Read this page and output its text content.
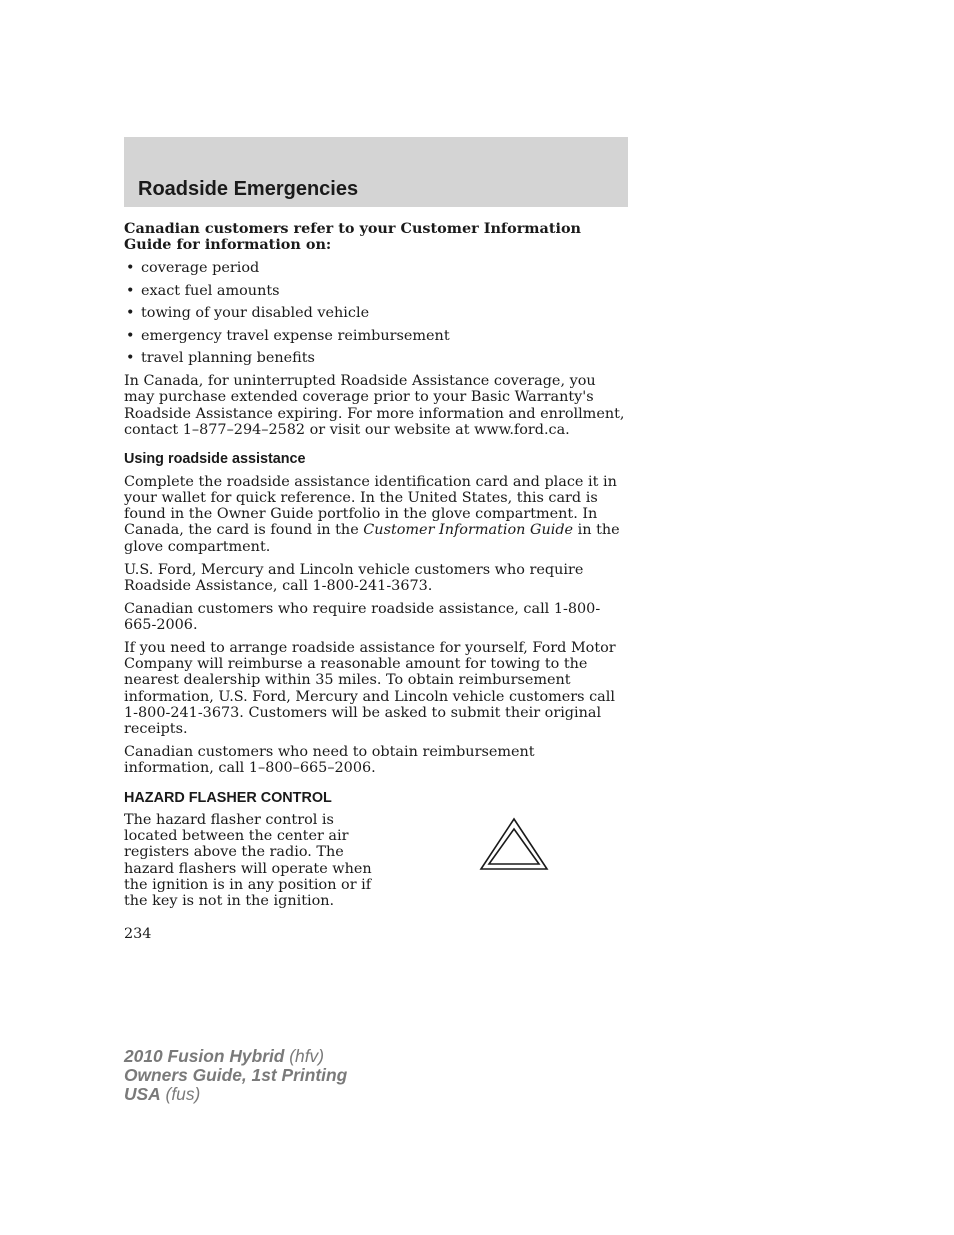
Roadside Emergencies

Canadian customers refer to your Customer Information Guide for information on:

• coverage period
• exact fuel amounts
• towing of your disabled vehicle
• emergency travel expense reimbursement
• travel planning benefits

In Canada, for uninterrupted Roadside Assistance coverage, you may purchase extended coverage prior to your Basic Warranty's Roadside Assistance expiring. For more information and enrollment, contact 1–877–294–2582 or visit our website at www.ford.ca.

Using roadside assistance

Complete the roadside assistance identification card and place it in your wallet for quick reference. In the United States, this card is found in the Owner Guide portfolio in the glove compartment. In Canada, the card is found in the Customer Information Guide in the glove compartment.

U.S. Ford, Mercury and Lincoln vehicle customers who require Roadside Assistance, call 1-800-241-3673.

Canadian customers who require roadside assistance, call 1-800-665-2006.

If you need to arrange roadside assistance for yourself, Ford Motor Company will reimburse a reasonable amount for towing to the nearest dealership within 35 miles. To obtain reimbursement information, U.S. Ford, Mercury and Lincoln vehicle customers call 1-800-241-3673. Customers will be asked to submit their original receipts.

Canadian customers who need to obtain reimbursement information, call 1–800–665–2006.

HAZARD FLASHER CONTROL

The hazard flasher control is located between the center air registers above the radio. The hazard flashers will operate when the ignition is in any position or if the key is not in the ignition.

234
2010 Fusion Hybrid (hfv)
Owners Guide, 1st Printing
USA (fus)
